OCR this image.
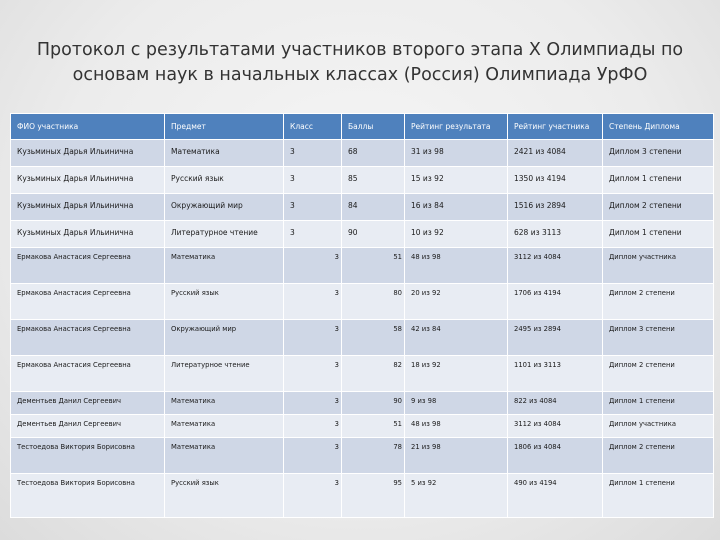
Протокол с результатами участников второго этапа X Олимпиады по
основам наук в начальных классах (Россия) Олимпиада УрФО
ФИО участника	Предмет	Класс	Баллы	Рейтинг результата	Рейтинг участника	Степень Диплома
Кузьминых Дарья Ильинична	Математика	3	68	31 из 98	2421 из 4084	Диплом 3 степени
Кузьминых Дарья Ильинична	Русский язык	3	85	15 из 92	1350 из 4194	Диплом 1 степени
Кузьминых Дарья Ильинична	Окружающий мир	3	84	16 из 84	1516 из 2894	Диплом 2 степени
Кузьминых Дарья Ильинична	Литературное чтение	3	90	10 из 92	628 из 3113	Диплом 1 степени
Ермакова Анастасия Сергеевна	Математика	3	51	48 из 98	3112 из 4084	Диплом участника
Ермакова Анастасия Сергеевна	Русский язык	3	80	20 из 92	1706 из 4194	Диплом 2 степени
Ермакова Анастасия Сергеевна	Окружающий мир	3	58	42 из 84	2495 из 2894	Диплом 3 степени
Ермакова Анастасия Сергеевна	Литературное чтение	3	82	18 из 92	1101 из 3113	Диплом 2 степени
Дементьев Данил Сергеевич	Математика	3	90	9 из 98	822 из 4084	Диплом 1 степени
Дементьев Данил Сергеевич	Математика	3	51	48 из 98	3112 из 4084	Диплом участника
Тестоедова Виктория Борисовна	Математика	3	78	21 из 98	1806 из 4084	Диплом 2 степени
Тестоедова Виктория Борисовна	Русский язык	3	95	5 из 92	490 из 4194	Диплом 1 степени
